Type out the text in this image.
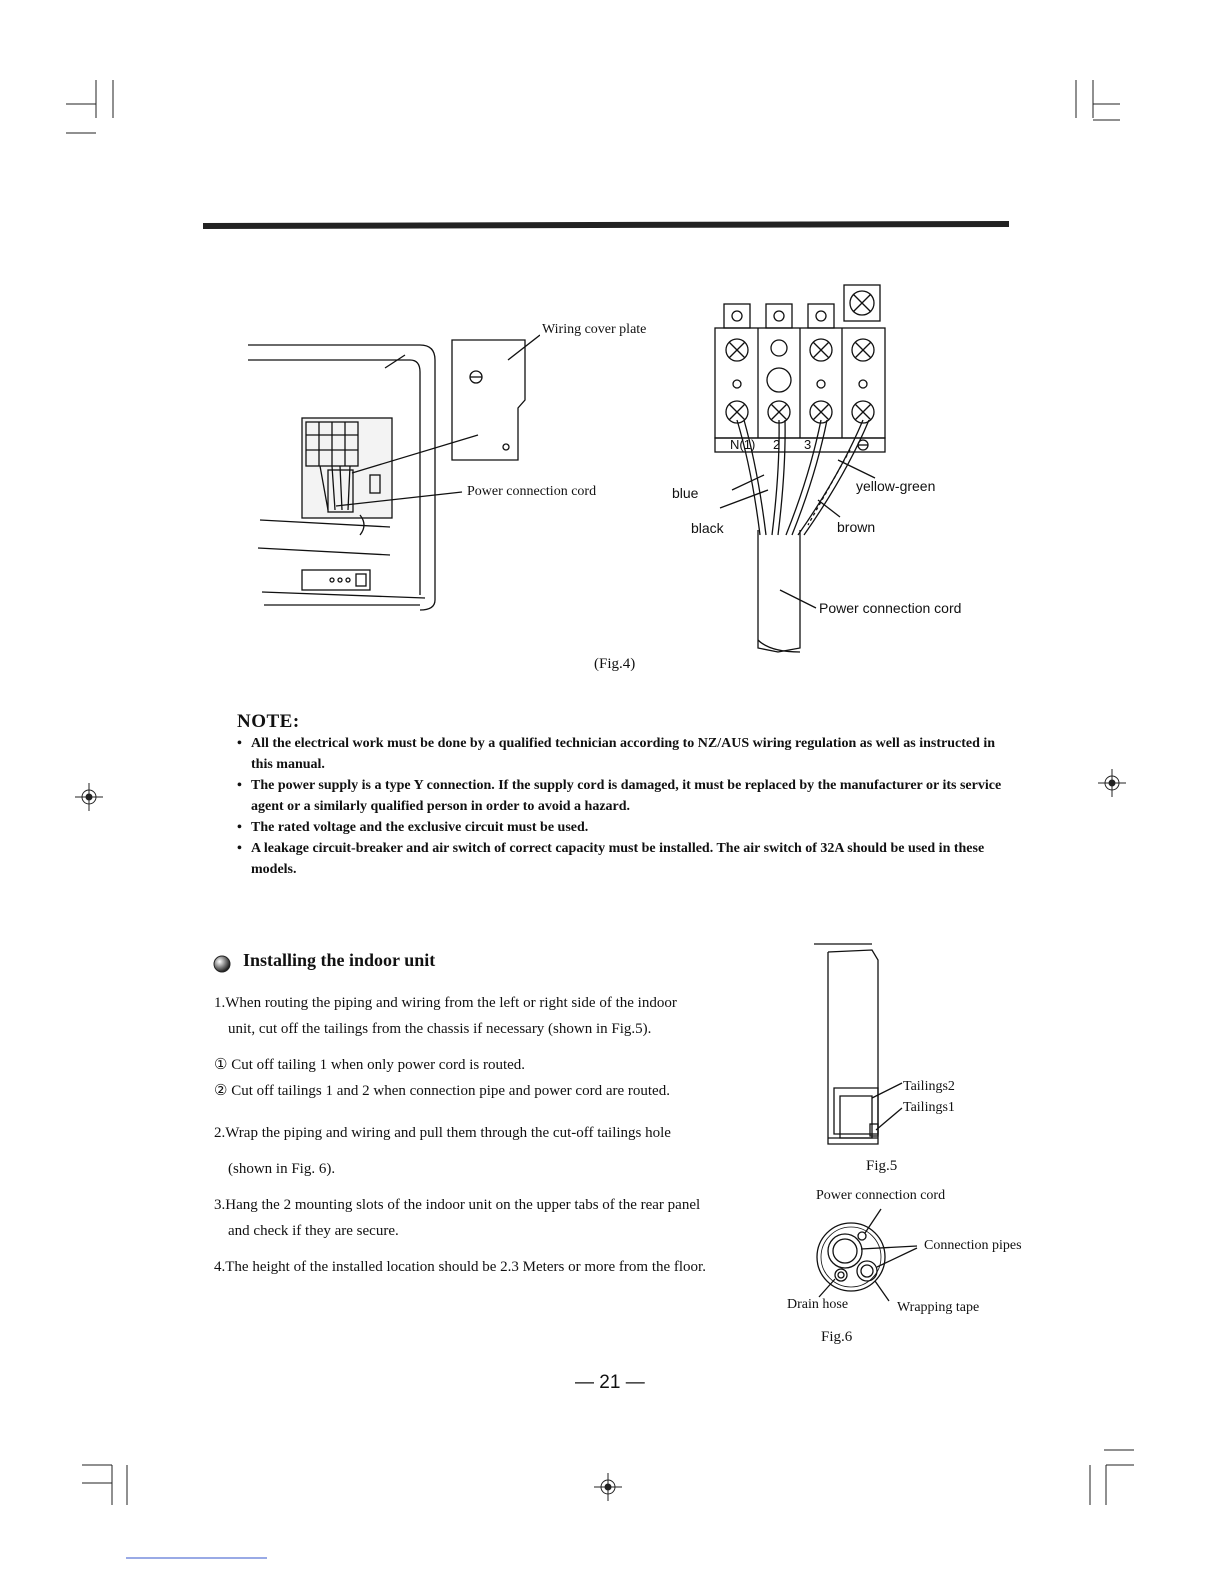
Wiring cover plate
Power connection cord
N(1) 2 3
blue
black
yellow-green
brown
Power connection cord
(Fig.4)
NOTE:
• All the electrical work must be done by a qualified technician according to NZ/AUS wiring regulation as well as instructed in this manual.
• The power supply is a type Y connection. If the supply cord is damaged, it must be replaced by the manufacturer or its service agent or a similarly qualified person in order to avoid a hazard.
• The rated voltage and the exclusive circuit must be used.
• A leakage circuit-breaker and air switch of correct capacity must be installed. The air switch of 32A should be used in these models.
Installing the indoor unit

1.When routing the piping and wiring from the left or right side of the indoor

unit, cut off the tailings from the chassis if necessary (shown in Fig.5).

① Cut off tailing 1 when only power cord is routed.

② Cut off tailings 1 and 2 when connection pipe and power cord are routed.

2.Wrap the piping and wiring and pull them through the cut-off tailings hole

(shown in Fig. 6).

3.Hang the 2 mounting slots of the indoor unit on the upper tabs of the rear panel

and check if they are secure.

4.The height of the installed location should be 2.3 Meters or more from the floor.

Tailings2
Tailings1
Fig.5
Power connection cord
Connection pipes
Drain hose	Wrapping tape
Fig.6
— 21 —
